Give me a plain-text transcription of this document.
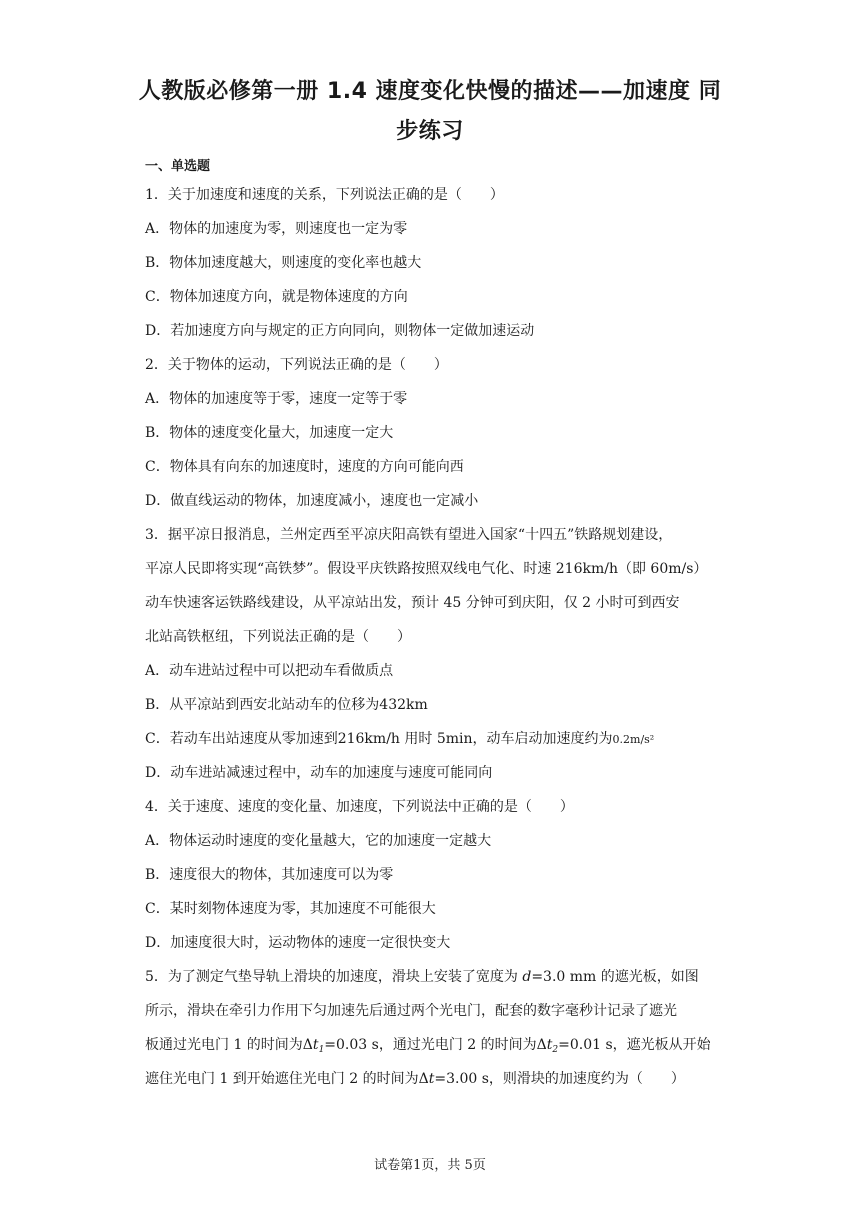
人教版必修第一册 1.4 速度变化快慢的描述——加速度 同
步练习
一、单选题
1．关于加速度和速度的关系，下列说法正确的是（　　）
A．物体的加速度为零，则速度也一定为零
B．物体加速度越大，则速度的变化率也越大
C．物体加速度方向，就是物体速度的方向
D．若加速度方向与规定的正方向同向，则物体一定做加速运动
2．关于物体的运动，下列说法正确的是（　　）
A．物体的加速度等于零，速度一定等于零
B．物体的速度变化量大，加速度一定大
C．物体具有向东的加速度时，速度的方向可能向西
D．做直线运动的物体，加速度减小，速度也一定减小
3．据平凉日报消息，兰州定西至平凉庆阳高铁有望进入国家“十四五”铁路规划建设，
平凉人民即将实现“高铁梦”。假设平庆铁路按照双线电气化、时速 216km/h（即 60m/s）
动车快速客运铁路线建设，从平凉站出发，预计 45 分钟可到庆阳，仅 2 小时可到西安
北站高铁枢纽，下列说法正确的是（　　）
A．动车进站过程中可以把动车看做质点
B．从平凉站到西安北站动车的位移为432km
C．若动车出站速度从零加速到216km/h 用时 5min，动车启动加速度约为0.2m/s²
D．动车进站减速过程中，动车的加速度与速度可能同向
4．关于速度、速度的变化量、加速度，下列说法中正确的是（　　）
A．物体运动时速度的变化量越大，它的加速度一定越大
B．速度很大的物体，其加速度可以为零
C．某时刻物体速度为零，其加速度不可能很大
D．加速度很大时，运动物体的速度一定很快变大
5．为了测定气垫导轨上滑块的加速度，滑块上安装了宽度为 d=3.0 mm 的遮光板，如图
所示，滑块在牵引力作用下匀加速先后通过两个光电门，配套的数字毫秒计记录了遮光
板通过光电门 1 的时间为$\Delta t_1=0.03$ s，通过光电门 2 的时间为$\Delta t_2=0.01$ s，遮光板从开始
遮住光电门 1 到开始遮住光电门 2 的时间为Δt=3.00 s，则滑块的加速度约为（　　）
试卷第1页，共 5页
